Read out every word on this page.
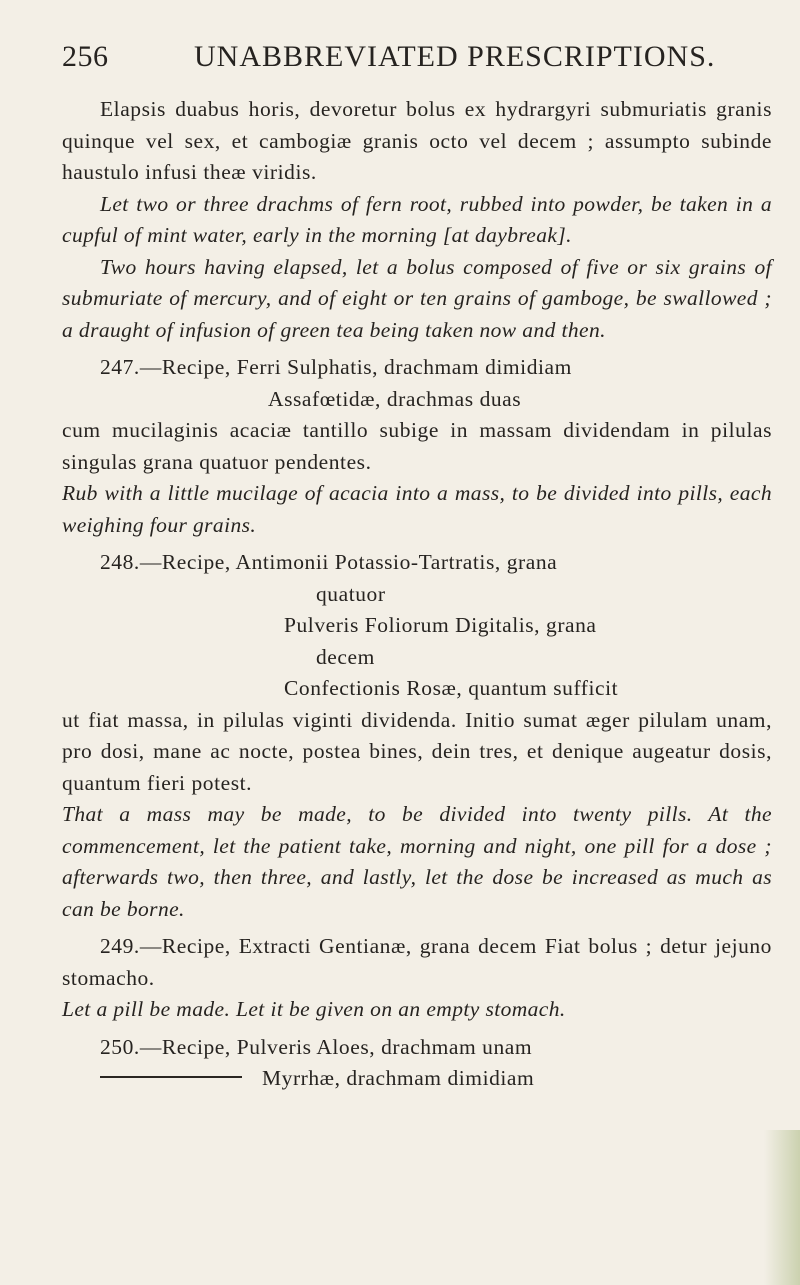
256	UNABBREVIATED PRESCRIPTIONS.

Elapsis duabus horis, devoretur bolus ex hydrargyri submuriatis granis quinque vel sex, et cambogiæ granis octo vel decem ; assumpto subinde haustulo infusi theæ viridis.

Let two or three drachms of fern root, rubbed into powder, be taken in a cupful of mint water, early in the morning [at daybreak].

Two hours having elapsed, let a bolus composed of five or six grains of submuriate of mercury, and of eight or ten grains of gamboge, be swallowed ; a draught of infusion of green tea being taken now and then.

247.—Recipe, Ferri Sulphatis, drachmam dimidiam

Assafœtidæ, drachmas duas

cum mucilaginis acaciæ tantillo subige in massam dividendam in pilulas singulas grana quatuor pendentes.

Rub with a little mucilage of acacia into a mass, to be divided into pills, each weighing four grains.

248.—Recipe, Antimonii Potassio-Tartratis, grana

quatuor

Pulveris Foliorum Digitalis, grana

decem

Confectionis Rosæ, quantum sufficit

ut fiat massa, in pilulas viginti dividenda. Initio sumat æger pilulam unam, pro dosi, mane ac nocte, postea bines, dein tres, et denique augeatur dosis, quantum fieri potest.

That a mass may be made, to be divided into twenty pills. At the commencement, let the patient take, morning and night, one pill for a dose ; afterwards two, then three, and lastly, let the dose be increased as much as can be borne.

249.—Recipe, Extracti Gentianæ, grana decem Fiat bolus ; detur jejuno stomacho.

Let a pill be made. Let it be given on an empty stomach.

250.—Recipe, Pulveris Aloes, drachmam unam

Myrrhæ, drachmam dimidiam
